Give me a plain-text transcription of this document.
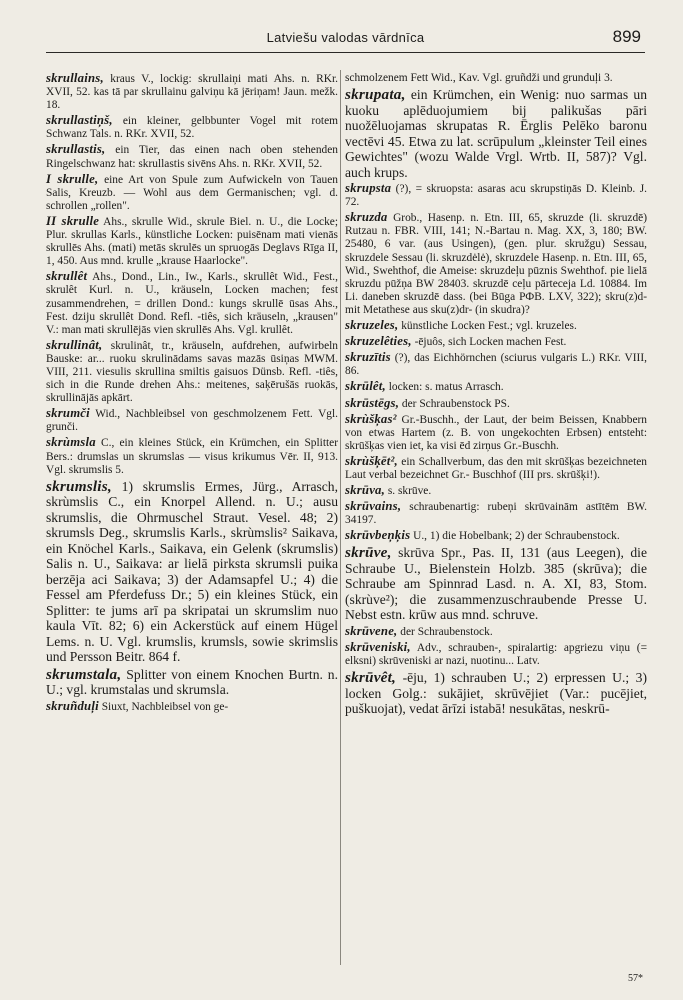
Latviešu valodas vārdnīca	899

skrullains, kraus V., lockig: skrullaiņi mati Ahs. n. RKr. XVII, 52. kas tā par skrullainu galviņu kā jēriņam! Jaun. mežk. 18.

skrullastiņš, ein kleiner, gelbbunter Vogel mit rotem Schwanz Tals. n. RKr. XVII, 52.

skrullastis, ein Tier, das einen nach oben stehenden Ringelschwanz hat: skrullastis sivēns Ahs. n. RKr. XVII, 52.

I skrulle, eine Art von Spule zum Aufwickeln von Tauen Salis, Kreuzb. — Wohl aus dem Germanischen; vgl. d. schrollen „rollen".

II skrulle Ahs., skrulle Wid., skrule Biel. n. U., die Locke; Plur. skrullas Karls., künstliche Locken: puisēnam mati vienās skrullēs Ahs. (mati) metās skrulēs un spruogās Deglavs Rīga II, 1, 450. Aus mnd. krulle „krause Haarlocke".

skrullêt Ahs., Dond., Lin., Iw., Karls., skrullêt Wid., Fest., skrulêt Kurl. n. U., kräuseln, Locken machen; fest zusammendrehen, = drillen Dond.: kungs skrullē ūsas Ahs., Fest. dziju skrullêt Dond. Refl. -tiês, sich kräuseln, „krausen" V.: man mati skrullējās vien skrullēs Ahs. Vgl. krullêt.

skrullinât, skrulinât, tr., kräuseln, aufdrehen, aufwirbeln Bauske: ar... ruoku skrulinādams savas mazās ūsiņas MWM. VIII, 211. viesulis skrullina smiltis gaisuos Dünsb. Refl. -tiês, sich in die Runde drehen Ahs.: meitenes, saķērušās ruokās, skrullinājās apkārt.

skrumči Wid., Nachbleibsel von geschmolzenem Fett. Vgl. grunči.

skrùmsla C., ein kleines Stück, ein Krümchen, ein Splitter Bers.: drumslas un skrumslas — visus krikumus Vēr. II, 913. Vgl. skrumslis 5.

skrumslis, 1) skrumslis Ermes, Jürg., Arrasch, skrùmslis C., ein Knorpel Allend. n. U.; ausu skrumslis, die Ohrmuschel Straut. Vesel. 48; 2) skrumsls Deg., skrumslis Karls., skrùmslis² Saikava, ein Knöchel Karls., Saikava, ein Gelenk (skrumslis) Salis n. U., Saikava: ar lielā pirksta skrumsli puika berzēja aci Saikava; 3) der Adamsapfel U.; 4) die Fessel am Pferdefuss Dr.; 5) ein kleines Stück, ein Splitter: te jums arī pa skripatai un skrumslim nuo kaula Vīt. 82; 6) ein Ackerstück auf einem Hügel Lems. n. U. Vgl. krumslis, krumsls, sowie skrimslis und Persson Beitr. 864 f.

skrumstala, Splitter von einem Knochen Burtn. n. U.; vgl. krumstalas und skrumsla.

skruñduļi Siuxt, Nachbleibsel von ge-

schmolzenem Fett Wid., Kav. Vgl. gruñdži und grunduļi 3.

skrupata, ein Krümchen, ein Wenig: nuo sarmas un kuoku aplēduojumiem bij palikušas pāri nuožēluojamas skrupatas R. Ērglis Pelēko baronu vectēvi 45. Etwa zu lat. scrūpulum „kleinster Teil eines Gewichtes" (wozu Walde Vrgl. Wrtb. II, 587)? Vgl. auch krups.

skrupsta (?), = skruopsta: asaras acu skrupstiņās D. Kleinb. J. 72.

skruzda Grob., Hasenp. n. Etn. III, 65, skruzde (li. skruzdē) Rutzau n. FBR. VIII, 141; N.-Bartau n. Mag. XX, 3, 180; BW. 25480, 6 var. (aus Usingen), (gen. plur. skružgu) Sessau, skruzdele Sessau (li. skruzdėlė), skruzdele Hasenp. n. Etn. III, 65, Wid., Swehthof, die Ameise: skruzdeļu pūznis Swehthof. pie lielā skruzdu pūžņa BW 28403. skruzdē ceļu pārteceja Ld. 10884. Im Li. daneben skruzdē dass. (bei Būga РФВ. LXV, 322); skru(z)d- mit Metathese aus sku(z)dr- (in skudra)?

skruzeles, künstliche Locken Fest.; vgl. kruzeles.

skruzelêties, -ējuôs, sich Locken machen Fest.

skruzītis (?), das Eichhörnchen (sciurus vulgaris L.) RKr. VIII, 86.

skrūlêt, locken: s. matus Arrasch.

skrūstēgs, der Schraubenstock PS.

skrùšķas² Gr.-Buschh., der Laut, der beim Beissen, Knabbern von etwas Hartem (z. B. von ungekochten Erbsen) entsteht: skrūšķas vien iet, ka visi ēd zirņus Gr.-Buschh.

skrùšķēt², ein Schallverbum, das den mit skrūšķas bezeichneten Laut verbal bezeichnet Gr.- Buschhof (III prs. skrūšķi!).

skrūva, s. skrūve.

skrūvains, schraubenartig: rubeņi skrūvainām astītēm BW. 34197.

skrūvbeņķis U., 1) die Hobelbank; 2) der Schraubenstock.

skrūve, skrūva Spr., Pas. II, 131 (aus Leegen), die Schraube U., Bielenstein Holzb. 385 (skrūva); die Schraube am Spinnrad Lasd. n. A. XI, 83, Stom. (skrùve²); die zusammenzuschraubende Presse U. Nebst estn. krūw aus mnd. schruve.

skrūvene, der Schraubenstock.

skrūveniski, Adv., schrauben-, spiralartig: apgriezu viņu (= elksni) skrūveniski ar nazi, nuotinu... Latv.

skrūvêt, -ēju, 1) schrauben U.; 2) erpressen U.; 3) locken Golg.: sukājiet, skrūvējiet (Var.: pucējiet, puškuojat), vedat ārīzi istabā! nesukātas, neskrū-

57*
